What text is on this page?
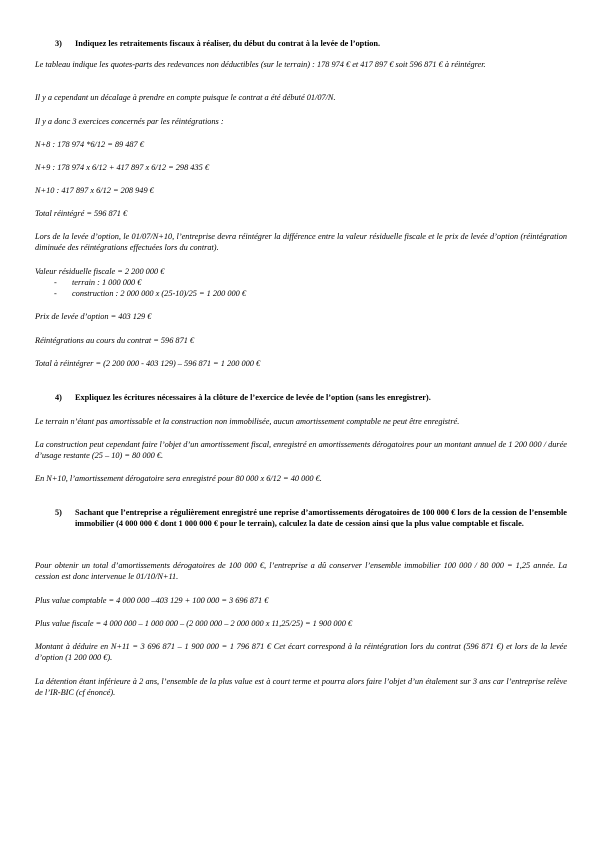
3)	Indiquez les retraitements fiscaux à réaliser, du début du contrat à la levée de l’option.

Le tableau indique les quotes-parts des redevances non déductibles (sur le terrain) : 178 974 € et 417 897 € soit 596 871 € à réintégrer.

Il y a cependant un décalage à prendre en compte puisque le contrat a été débuté 01/07/N.

Il y a donc 3 exercices concernés par les réintégrations :

N+8 : 178 974 *6/12 = 89 487 €

N+9 : 178 974 x 6/12 + 417 897 x 6/12 = 298 435 €

N+10 : 417 897 x 6/12 = 208 949 €

Total réintégré = 596 871 €

Lors de la levée d’option, le 01/07/N+10, l’entreprise devra réintégrer la différence entre la valeur résiduelle fiscale et le prix de levée d’option (réintégration diminuée des réintégrations effectuées lors du contrat).

Valeur résiduelle fiscale = 2 200 000 €

- terrain : 1 000 000 €
- construction : 2 000 000 x (25-10)/25 = 1 200 000 €

Prix de levée d’option = 403 129 €

Réintégrations au cours du contrat = 596 871 €

Total à réintégrer = (2 200 000 - 403 129) – 596 871 = 1 200 000 €

4)	Expliquez les écritures nécessaires à la clôture de l’exercice de levée de l’option (sans les enregistrer).

Le terrain n’étant pas amortissable et la construction non immobilisée, aucun amortissement comptable ne peut être enregistré.

La construction peut cependant faire l’objet d’un amortissement fiscal, enregistré en amortissements dérogatoires pour un montant annuel de 1 200 000 / durée d’usage restante (25 – 10) = 80 000 €.

En N+10, l’amortissement dérogatoire sera enregistré pour 80 000 x 6/12 = 40 000 €.

5)	Sachant que l’entreprise a régulièrement enregistré une reprise d’amortissements dérogatoires de 100 000 € lors de la cession de l’ensemble immobilier (4 000 000 € dont 1 000 000 € pour le terrain), calculez la date de cession ainsi que la plus value comptable et fiscale.

Pour obtenir un total d’amortissements dérogatoires de 100 000 €, l’entreprise a dû conserver l’ensemble immobilier 100 000 / 80 000 = 1,25 année. La cession est donc intervenue le 01/10/N+11.

Plus value comptable = 4 000 000 –403 129 + 100 000 = 3 696 871 €

Plus value fiscale = 4 000 000 – 1 000 000 – (2 000 000 – 2 000 000 x 11,25/25) = 1 900 000 €

Montant à déduire en N+11 = 3 696 871 – 1 900 000 = 1 796 871 € Cet écart correspond à la réintégration lors du contrat (596 871 €) et lors de la levée d’option (1 200 000 €).

La détention étant inférieure à 2 ans, l’ensemble de la plus value est à court terme et pourra alors faire l’objet d’un étalement sur 3 ans car l’entreprise relève de l’IR-BIC (cf énoncé).
